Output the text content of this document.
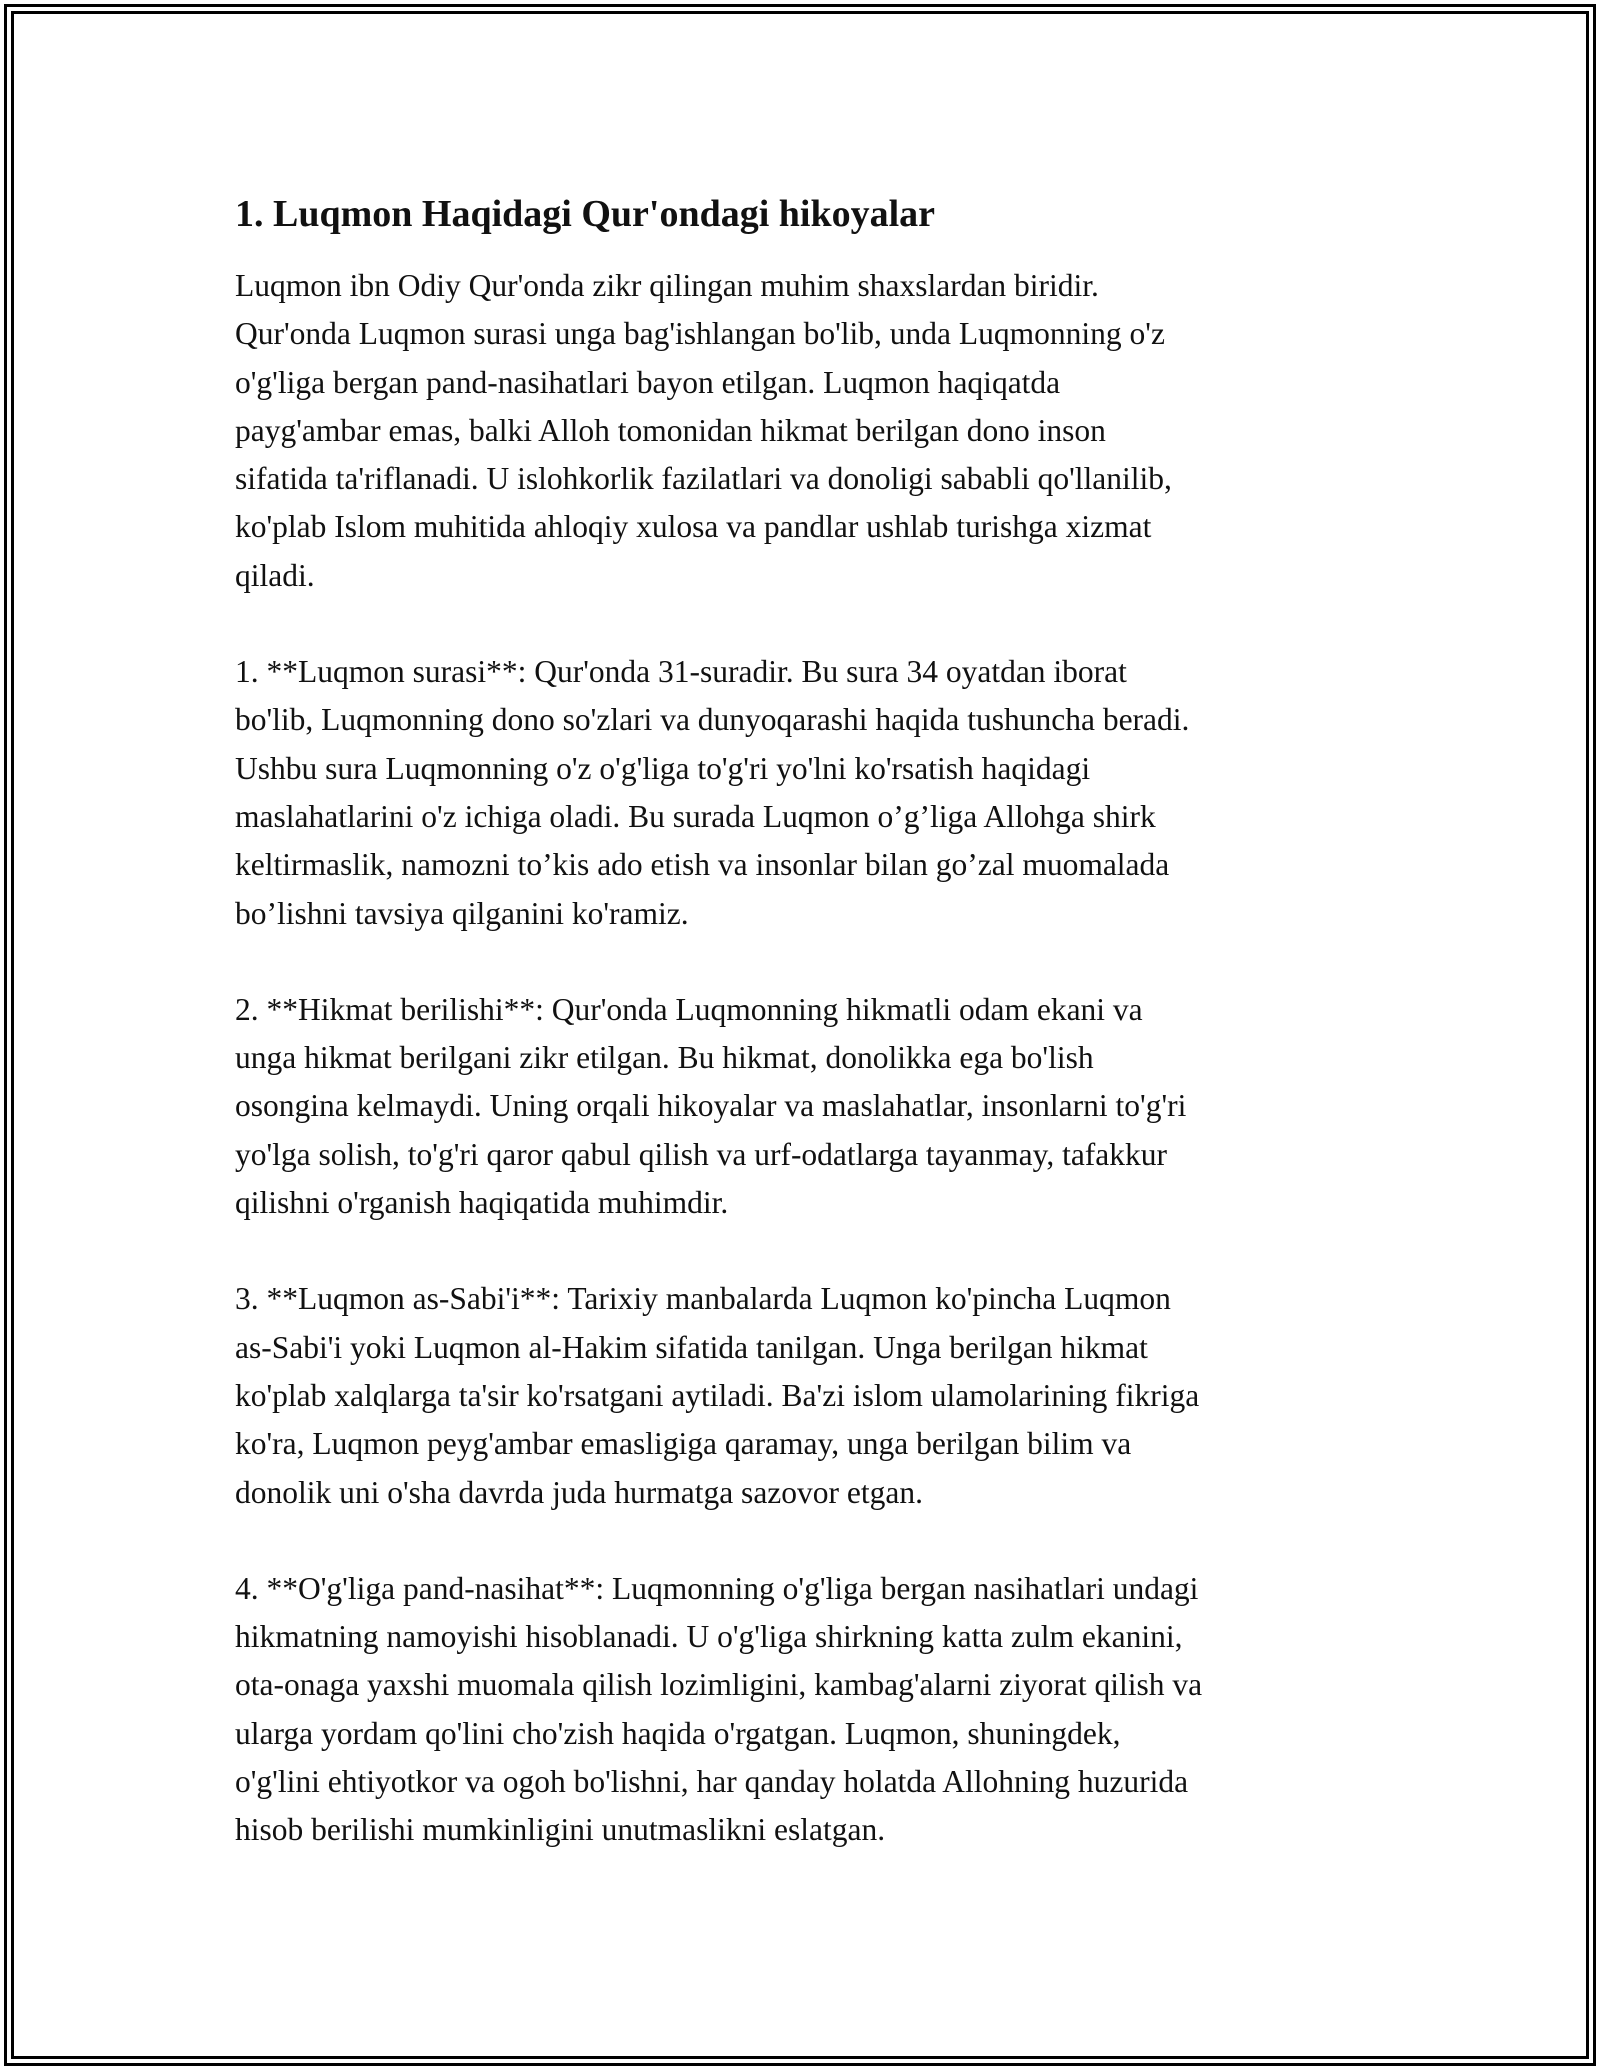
1. Luqmon Haqidagi Qur'ondagi hikoyalar
Luqmon ibn Odiy Qur'onda zikr qilingan muhim shaxslardan biridir.
Qur'onda Luqmon surasi unga bag'ishlangan bo'lib, unda Luqmonning o'z
o'g'liga bergan pand-nasihatlari bayon etilgan. Luqmon haqiqatda
payg'ambar emas, balki Alloh tomonidan hikmat berilgan dono inson
sifatida ta'riflanadi. U islohkorlik fazilatlari va donoligi sababli qo'llanilib,
ko'plab Islom muhitida ahloqiy xulosa va pandlar ushlab turishga xizmat
qiladi.
1. **Luqmon surasi**: Qur'onda 31-suradir. Bu sura 34 oyatdan iborat
bo'lib, Luqmonning dono so'zlari va dunyoqarashi haqida tushuncha beradi.
Ushbu sura Luqmonning o'z o'g'liga to'g'ri yo'lni ko'rsatish haqidagi
maslahatlarini o'z ichiga oladi. Bu surada Luqmon o’g’liga Allohga shirk
keltirmaslik, namozni to’kis ado etish va insonlar bilan go’zal muomalada
bo’lishni tavsiya qilganini ko'ramiz.
2. **Hikmat berilishi**: Qur'onda Luqmonning hikmatli odam ekani va
unga hikmat berilgani zikr etilgan. Bu hikmat, donolikka ega bo'lish
osongina kelmaydi. Uning orqali hikoyalar va maslahatlar, insonlarni to'g'ri
yo'lga solish, to'g'ri qaror qabul qilish va urf-odatlarga tayanmay, tafakkur
qilishni o'rganish haqiqatida muhimdir.
3. **Luqmon as-Sabi'i**: Tarixiy manbalarda Luqmon ko'pincha Luqmon
as-Sabi'i yoki Luqmon al-Hakim sifatida tanilgan. Unga berilgan hikmat
ko'plab xalqlarga ta'sir ko'rsatgani aytiladi. Ba'zi islom ulamolarining fikriga
ko'ra, Luqmon peyg'ambar emasligiga qaramay, unga berilgan bilim va
donolik uni o'sha davrda juda hurmatga sazovor etgan.
4. **O'g'liga pand-nasihat**: Luqmonning o'g'liga bergan nasihatlari undagi
hikmatning namoyishi hisoblanadi. U o'g'liga shirkning katta zulm ekanini,
ota-onaga yaxshi muomala qilish lozimligini, kambag'alarni ziyorat qilish va
ularga yordam qo'lini cho'zish haqida o'rgatgan. Luqmon, shuningdek,
o'g'lini ehtiyotkor va ogoh bo'lishni, har qanday holatda Allohning huzurida
hisob berilishi mumkinligini unutmaslikni eslatgan.
